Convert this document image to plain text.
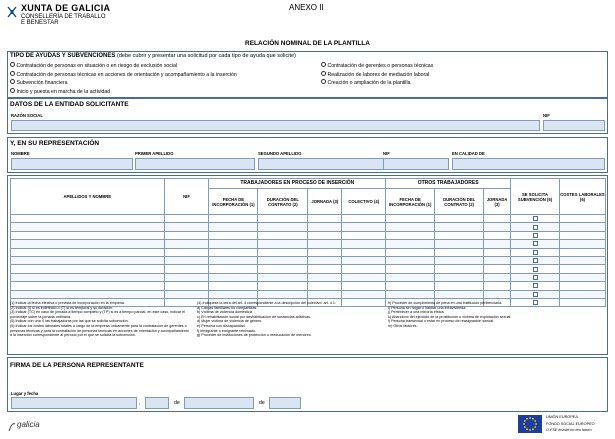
XUNTA DE GALICIA
CONSELLERÍA DE TRABALLO
E BENESTAR
ANEXO II
RELACIÓN NOMINAL DE LA PLANTILLA
TIPO DE AYUDAS Y SUBVENCIONES (debe cubrir y presentar una solicitud por cada tipo de ayuda que solicite)
Contratación de personas en situación o en riesgo de exclusión social
Contratación de personas técnicas en acciones de orientación y acompañamiento a la inserción
Subvención financiera
Inicio y puesta en marcha de la actividad
Contratación de gerentes o personas técnicas
Realización de labores de mediación laboral
Creación o ampliación de la plantilla
DATOS DE LA ENTIDAD SOLICITANTE
RAZÓN SOCIAL	NIF
Y, EN SU REPRESENTACIÓN
NOMBRE	PRIMER APELLIDO	SEGUNDO APELLIDO	NIF	EN CALIDAD DE
APELLIDOS Y NOMBRE	NIF	TRABAJADORES EN PROCESO DE INSERCIÓN				OTROS TRABAJADORES			SE SOLICITA SUBVENCIÓN (5)	COSTES LABORALES (6)
		FECHA DE INCORPORACIÓN (1)	DURACIÓN DEL CONTRATO (2)	JORNADA (3)	COLECTIVO (4)	FECHA DE INCORPORACIÓN (1)	DURACIÓN DEL CONTRATO (2)	JORNADA (3)		

(1) Indicar la fecha efectiva o prevista de incorporación en la empresa.
(2) Indicar (I) si es indefinido o (T) si es temporal y su duración.
(3) Indicar (TC) en caso de jornada a tiempo completo y (TP) si es a tiempo parcial, en este caso, indicar el porcentaje sobre la jornada ordinaria.
(5) Indicar con una X las trabajadoras por las que se solicita subvención.
(6) Indicar los costes laborales totales a cargo de la empresa únicamente para la contratación de gerentes o personas técnicas y para la contratación de personas técnicas en acciones de orientación y acompañamiento a la inserción correspondiente al período por el que se solicita la subvención.
(4) Indiquese la letra del art. 4 correspondiente a la descripción del colectivo: art. 4.1:
a) Cargas familiares no compartidas.
b) Víctima de violencia doméstica.
c) En rehabilitación social por deshabituación de sustancias adictivas.
d) Mujer víctima de violencia de género.
e) Persona con discapacidad.
f) Inmigrante o emigrante retornado.
g) Proceder de instituciones de protección o reeducación de menores.
h) Proceder de cumplimiento de pena en una institución penitenciaria.
i) Persona sin hogar o habitar una infravivienda.
j) Pertenecer a una minoría étnica.
k) Abandono del ejercicio de la prostitución o víctima de explotación sexual.
l) Persona transexual o estar en proceso de reasignación sexual.
m) Otros factores.
FIRMA DE LA PERSONA REPRESENTANTE
Lugar y fecha
,	de	de
galicia
UNIÓN EUROPEA
FONDO SOCIAL EUROPEO
O FSE inviste no teu futuro
